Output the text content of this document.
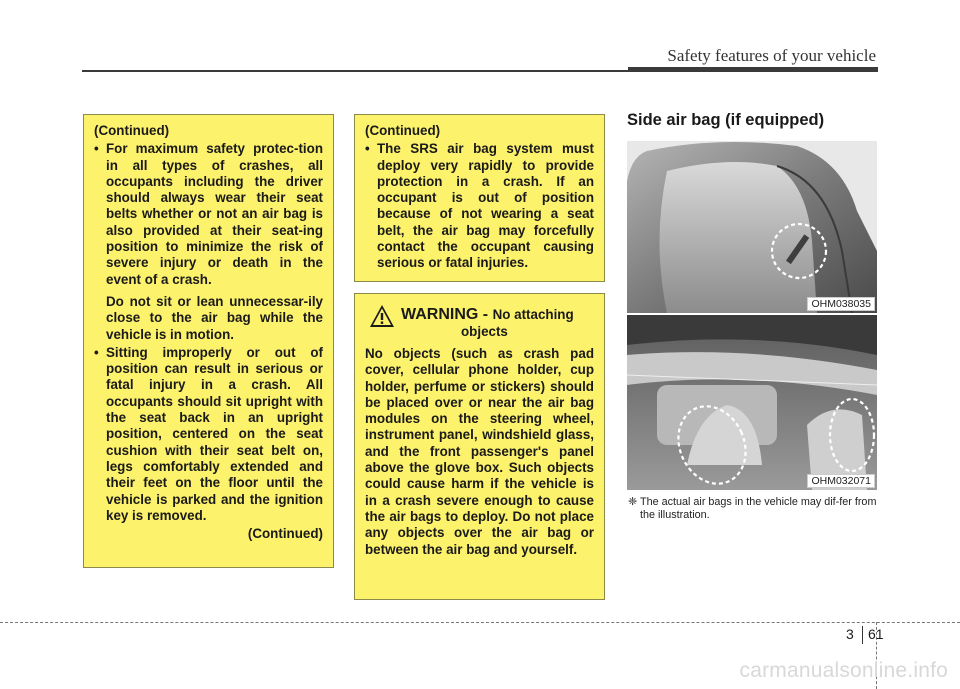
Safety features of your vehicle
(Continued)
• For maximum safety protec-tion in all types of crashes, all occupants including the driver should always wear their seat belts whether or not an air bag is also provided at their seat-ing position to minimize the risk of severe injury or death in the event of a crash.
Do not sit or lean unnecessar-ily close to the air bag while the vehicle is in motion.
• Sitting improperly or out of position can result in serious or fatal injury in a crash. All occupants should sit upright with the seat back in an upright position, centered on the seat cushion with their seat belt on, legs comfortably extended and their feet on the floor until the vehicle is parked and the ignition key is removed.
(Continued)
(Continued)
• The SRS air bag system must deploy very rapidly to provide protection in a crash. If an occupant is out of position because of not wearing a seat belt, the air bag may forcefully contact the occupant causing serious or fatal injuries.
WARNING - No attaching
objects
No objects (such as crash pad cover, cellular phone holder, cup holder, perfume or stickers) should be placed over or near the air bag modules on the steering wheel, instrument panel, windshield glass, and the front passenger's panel above the glove box. Such objects could cause harm if the vehicle is in a crash severe enough to cause the air bags to deploy. Do not place any objects over the air bag or between the air bag and yourself.
Side air bag (if equipped)
OHM038035
OHM032071
❈ The actual air bags in the vehicle may dif-fer from the illustration.
3 61
carmanualsonline.info
